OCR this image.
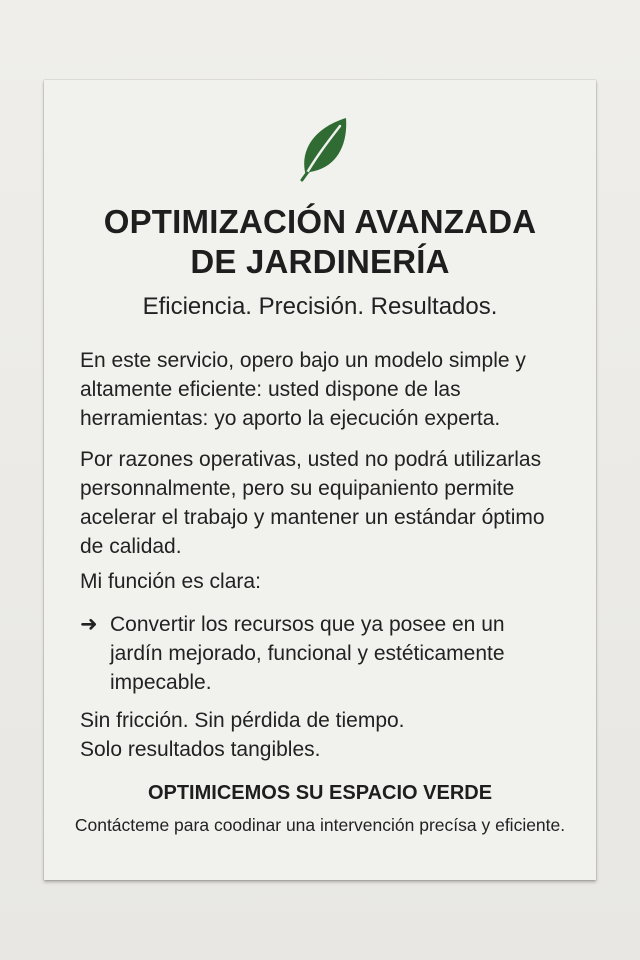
OPTIMIZACIÓN AVANZADA
DE JARDINERÍA

Eficiencia. Precisión. Resultados.

En este servicio, opero bajo un modelo simple y altamente eficiente: usted dispone de las herramientas: yo aporto la ejecución experta.

Por razones operativas, usted no podrá utilizarlas personnalmente, pero su equipaniento permite acelerar el trabajo y mantener un estándar óptimo de calidad.

Mi función es clara:

➜ Convertir los recursos que ya posee en un jardín mejorado, funcional y estéticamente impecable.

Sin fricción. Sin pérdida de tiempo.
Solo resultados tangibles.

OPTIMICEMOS SU ESPACIO VERDE

Contácteme para coodinar una intervención precísa y eficiente.
